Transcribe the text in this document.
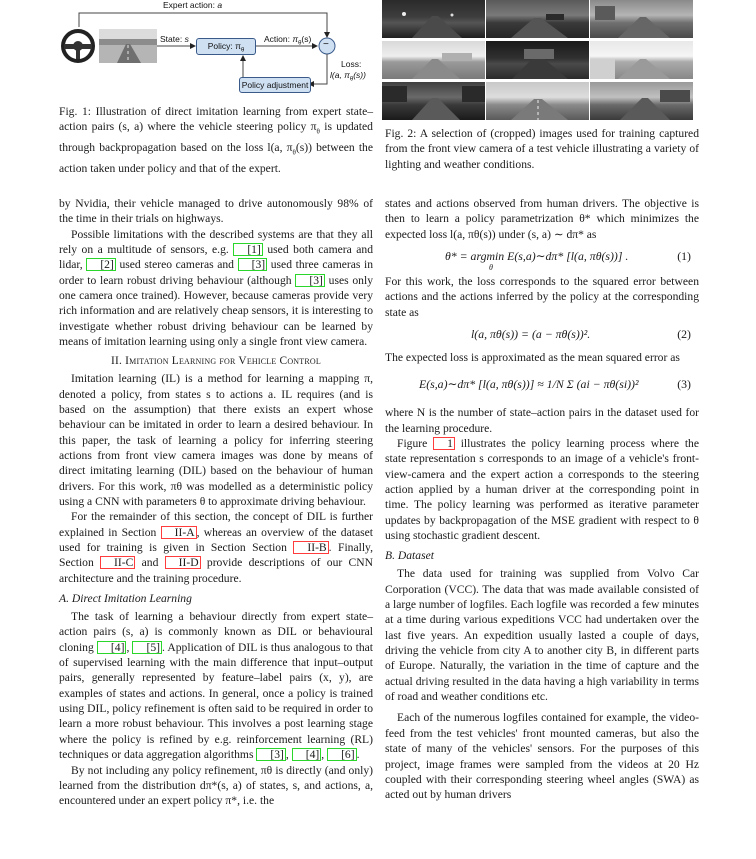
Expert action: a
State: s
Policy: $\pi_\theta$
Action: $\pi_\theta(s)$ −
Loss:
l(a, $\pi_\theta(s)$)
Policy adjustment

Fig. 1: Illustration of direct imitation learning from expert state–action pairs (s, a) where the vehicle steering policy $\pi_\theta$ is updated through backpropagation based on the loss l(a, $\pi_\theta(s)$) between the action taken under policy and that of the expert.

by Nvidia, their vehicle managed to drive autonomously 98% of the time in their trials on highways.

Possible limitations with the described systems are that they all rely on a multitude of sensors, e.g. [1] used both camera and lidar, [2] used stereo cameras and [3] used three cameras in order to learn robust driving behaviour (although [3] uses only one camera once trained). However, because cameras provide very rich information and are relatively cheap sensors, it is interesting to investigate whether robust driving behaviour can be learned by means of imitation learning using only a single front view camera.

II. Imitation Learning for Vehicle Control

Imitation learning (IL) is a method for learning a mapping π, denoted a policy, from states s to actions a. IL requires (and is based on the assumption) that there exists an expert whose behaviour can be imitated in order to learn a desired behaviour. In this paper, the task of learning a policy for inferring steering actions from front view camera images was done by means of direct imitating learning (DIL) based on the behaviour of human drivers. For this work, πθ was modelled as a deterministic policy using a CNN with parameters θ to approximate driving behaviour.

For the remainder of this section, the concept of DIL is further explained in Section II-A , whereas an overview of the dataset used for training is given in Section Section II-B . Finally, Section II-C and II-D provide descriptions of our CNN architecture and the training procedure.

A. Direct Imitation Learning

The task of learning a behaviour directly from expert state–action pairs (s, a) is commonly known as DIL or behavioural cloning [4] , [5] . Application of DIL is thus analogous to that of supervised learning with the main difference that input–output pairs, generally represented by feature–label pairs (x, y), are examples of states and actions. In general, once a policy is trained using DIL, policy refinement is often said to be required in order to learn a more robust behaviour. This involves a post learning stage where the policy is refined by e.g. reinforcement learning (RL) techniques or data aggregation algorithms [3] , [4] , [6] .

By not including any policy refinement, πθ is directly (and only) learned from the distribution dπ*(s, a) of states, s, and actions, a, encountered under an expert policy π*, i.e. the

Fig. 2: A selection of (cropped) images used for training captured from the front view camera of a test vehicle illustrating a variety of lighting and weather conditions.

states and actions observed from human drivers. The objective is then to learn a policy parametrization θ* which minimizes the expected loss l(a, πθ(s)) under (s, a) ∼ dπ* as

θ* = argmin E(s,a)∼dπ* [l(a, πθ(s))] .
θ
(1)

For this work, the loss corresponds to the squared error between actions and the actions inferred by the policy at the corresponding state as

l(a, πθ(s)) = (a − πθ(s))².	(2)

The expected loss is approximated as the mean squared error as

E(s,a)∼dπ* [l(a, πθ(s))] ≈ 1/N Σ (ai − πθ(si))²	(3)

where N is the number of state–action pairs in the dataset used for the learning procedure.

Figure 1 illustrates the policy learning process where the state representation s corresponds to an image of a vehicle's front-view-camera and the expert action a corresponds to the steering action applied by a human driver at the corresponding point in time. The policy learning was performed as iterative parameter updates by backpropagation of the MSE gradient with respect to θ using stochastic gradient descent.

B. Dataset

The data used for training was supplied from Volvo Car Corporation (VCC). The data that was made available consisted of a large number of logfiles. Each logfile was recorded a few minutes at a time during various expeditions VCC had undertaken over the last five years. An expedition usually lasted a couple of days, driving the vehicle from city A to another city B, in different parts of Europe. Naturally, the variation in the time of capture and the actual driving resulted in the data having a high variability in terms of road and weather conditions etc.

Each of the numerous logfiles contained for example, the video-feed from the test vehicles' front mounted cameras, but also the state of many of the vehicles' sensors. For the purposes of this project, image frames were sampled from the videos at 20 Hz coupled with their corresponding steering wheel angles (SWA) as acted out by human drivers
